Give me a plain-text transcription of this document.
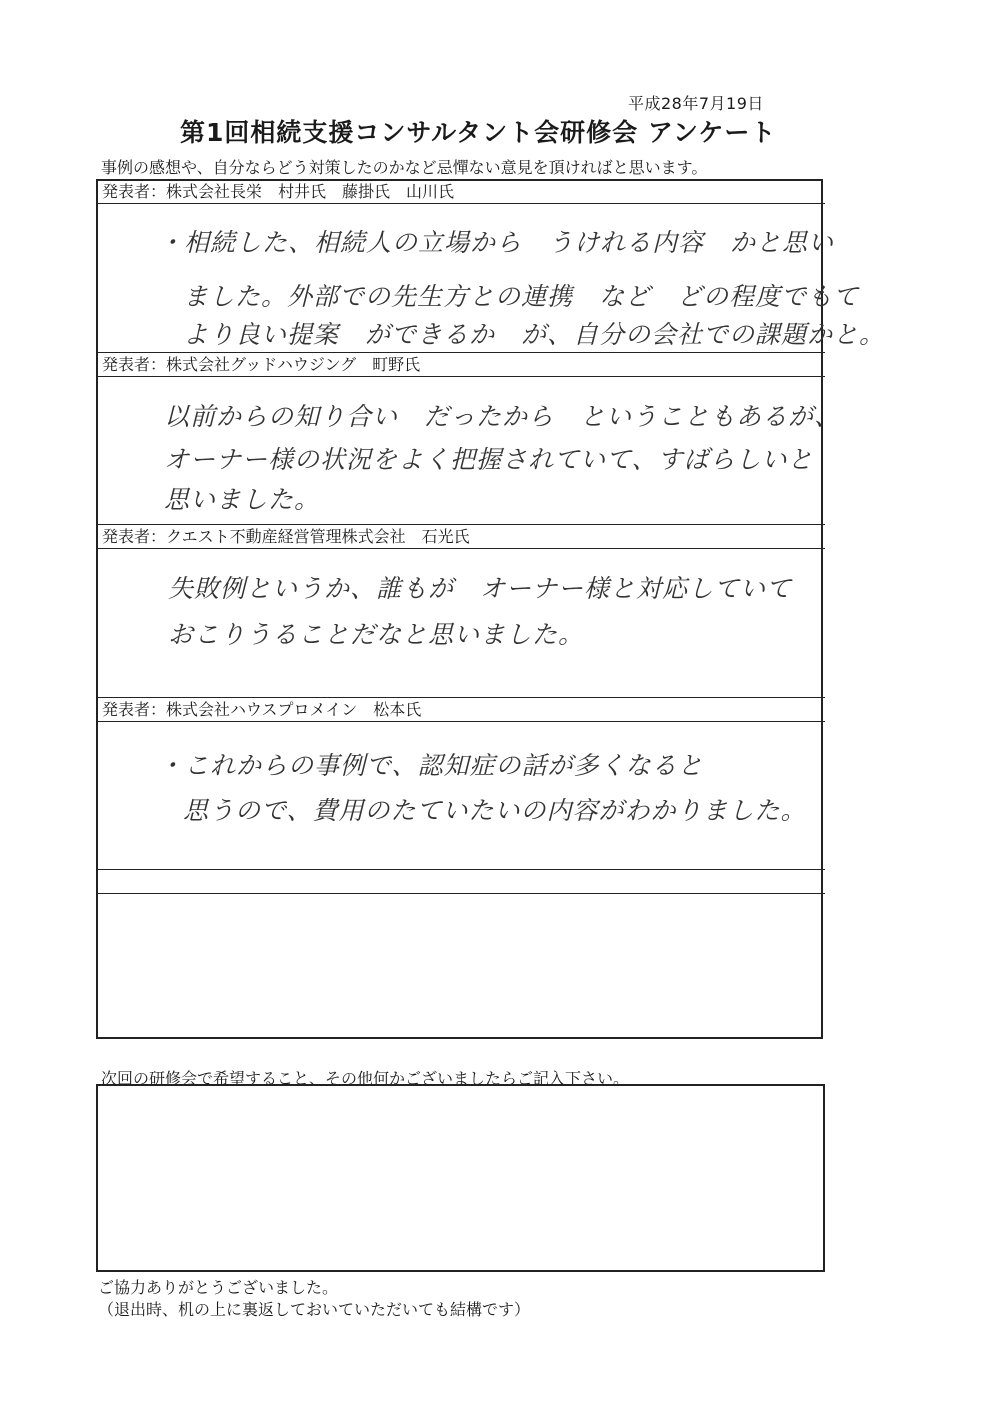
平成28年7月19日
第1回相続支援コンサルタント会研修会 アンケート
事例の感想や、自分ならどう対策したのかなど忌憚ない意見を頂ければと思います。
発表者：株式会社長栄　村井氏　藤掛氏　山川氏
・相続した、相続人の立場から　うけれる内容　かと思い
ました。外部での先生方との連携　など　どの程度でもて
より良い提案　ができるか　が、自分の会社での課題かと。
発表者：株式会社グッドハウジング　町野氏
以前からの知り合い　だったから　ということもあるが、
オーナー様の状況をよく把握されていて、すばらしいと
思いました。
発表者：クエスト不動産経営管理株式会社　石光氏
失敗例というか、誰もが　オーナー様と対応していて
おこりうることだなと思いました。
発表者：株式会社ハウスプロメイン　松本氏
・これからの事例で、認知症の話が多くなると
思うので、費用のたていたいの内容がわかりました。
次回の研修会で希望すること、その他何かございましたらご記入下さい。
ご協力ありがとうございました。
（退出時、机の上に裏返しておいていただいても結構です）
